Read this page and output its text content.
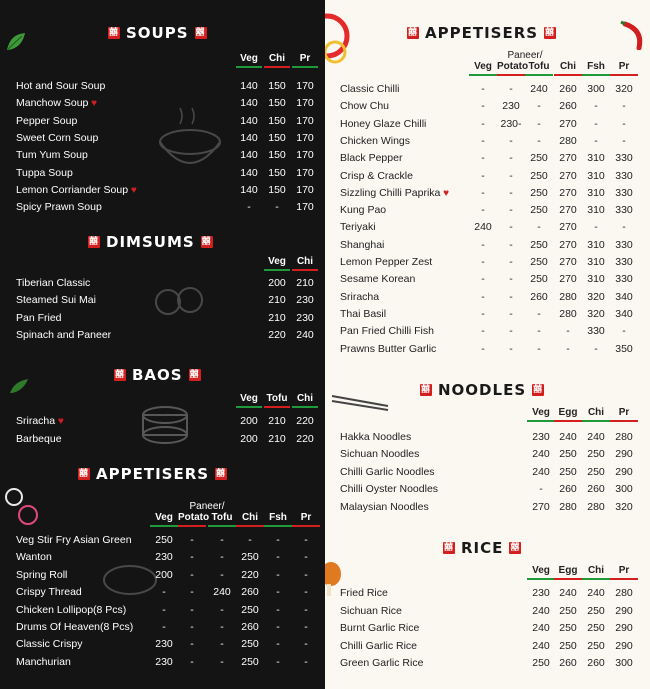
囍 SOUPS 囍
Veg	Chi	Pr
Hot and Sour Soup	140 150 170
Manchow Soup ♥	140 150 170
Pepper Soup	140 150 170
Sweet Corn Soup	140 150 170
Tum Yum Soup	140 150 170
Tuppa Soup	140 150 170
Lemon Corriander Soup ♥	140 150 170
Spicy Prawn Soup	-	-	170
囍 DIMSUMS 囍
Veg	Chi
Tiberian Classic	200 210
Steamed Sui Mai	210 230
Pan Fried	210 230
Spinach and Paneer	220 240
囍 BAOS 囍
Veg Tofu Chi
Sriracha ♥	200 210 220
Barbeque	200 210 220
囍 APPETISERS 囍
Paneer/
Veg Potato Tofu Chi	Fsh	Pr
Veg Stir Fry Asian Green	250	-	-	-	-	-
Wanton	230	-	-	250	-	-
Spring Roll	200	-	-	220	-	-
Crispy Thread	-	-	240 260	-	-
Chicken Lollipop(8 Pcs)	-	-	-	250	-	-
Drums Of Heaven(8 Pcs)	-	-	-	260	-	-
Classic Crispy	230	-	-	250	-	-
Manchurian	230	-	-	250	-	-
囍 APPETISERS 囍
Paneer/
Veg Potato Tofu	Chi	Fsh	Pr
Classic Chilli	-	-	240	260 300 320
Chow Chu	-	230	-	260	-	-
Honey Glaze Chilli	-	230-	-	270	-	-
Chicken Wings	-	-	-	280	-	-
Black Pepper	-	-	250	270 310 330
Crisp & Crackle	-	-	250	270 310 330
Sizzling Chilli Paprika ♥	-	-	250	270 310 330
Kung Pao	-	-	250	270 310 330
Teriyaki	240	-	-	270	-	-
Shanghai	-	-	250	270 310 330
Lemon Pepper Zest	-	-	250	270 310 330
Sesame Korean	-	-	250	270 310 330
Sriracha	-	-	260	280 320 340
Thai Basil	-	-	-	280 320 340
Pan Fried Chilli Fish	-	-	-	-	330	-
Prawns Butter Garlic	-	-	-	-	-	350
囍 NOODLES 囍
Veg Egg	Chi	Pr
Hakka Noodles	230 240 240 280
Sichuan Noodles	240 250 250 290
Chilli Garlic Noodles	240 250 250 290
Chilli Oyster Noodles	-	260 260 300
Malaysian Noodles	270 280 280 320
囍 RICE 囍
Veg Egg	Chi	Pr
Fried Rice	230 240 240 280
Sichuan Rice	240 250 250 290
Burnt Garlic Rice	240 250 250 290
Chilli Garlic Rice	240 250 250 290
Green Garlic Rice	250 260 260 300
